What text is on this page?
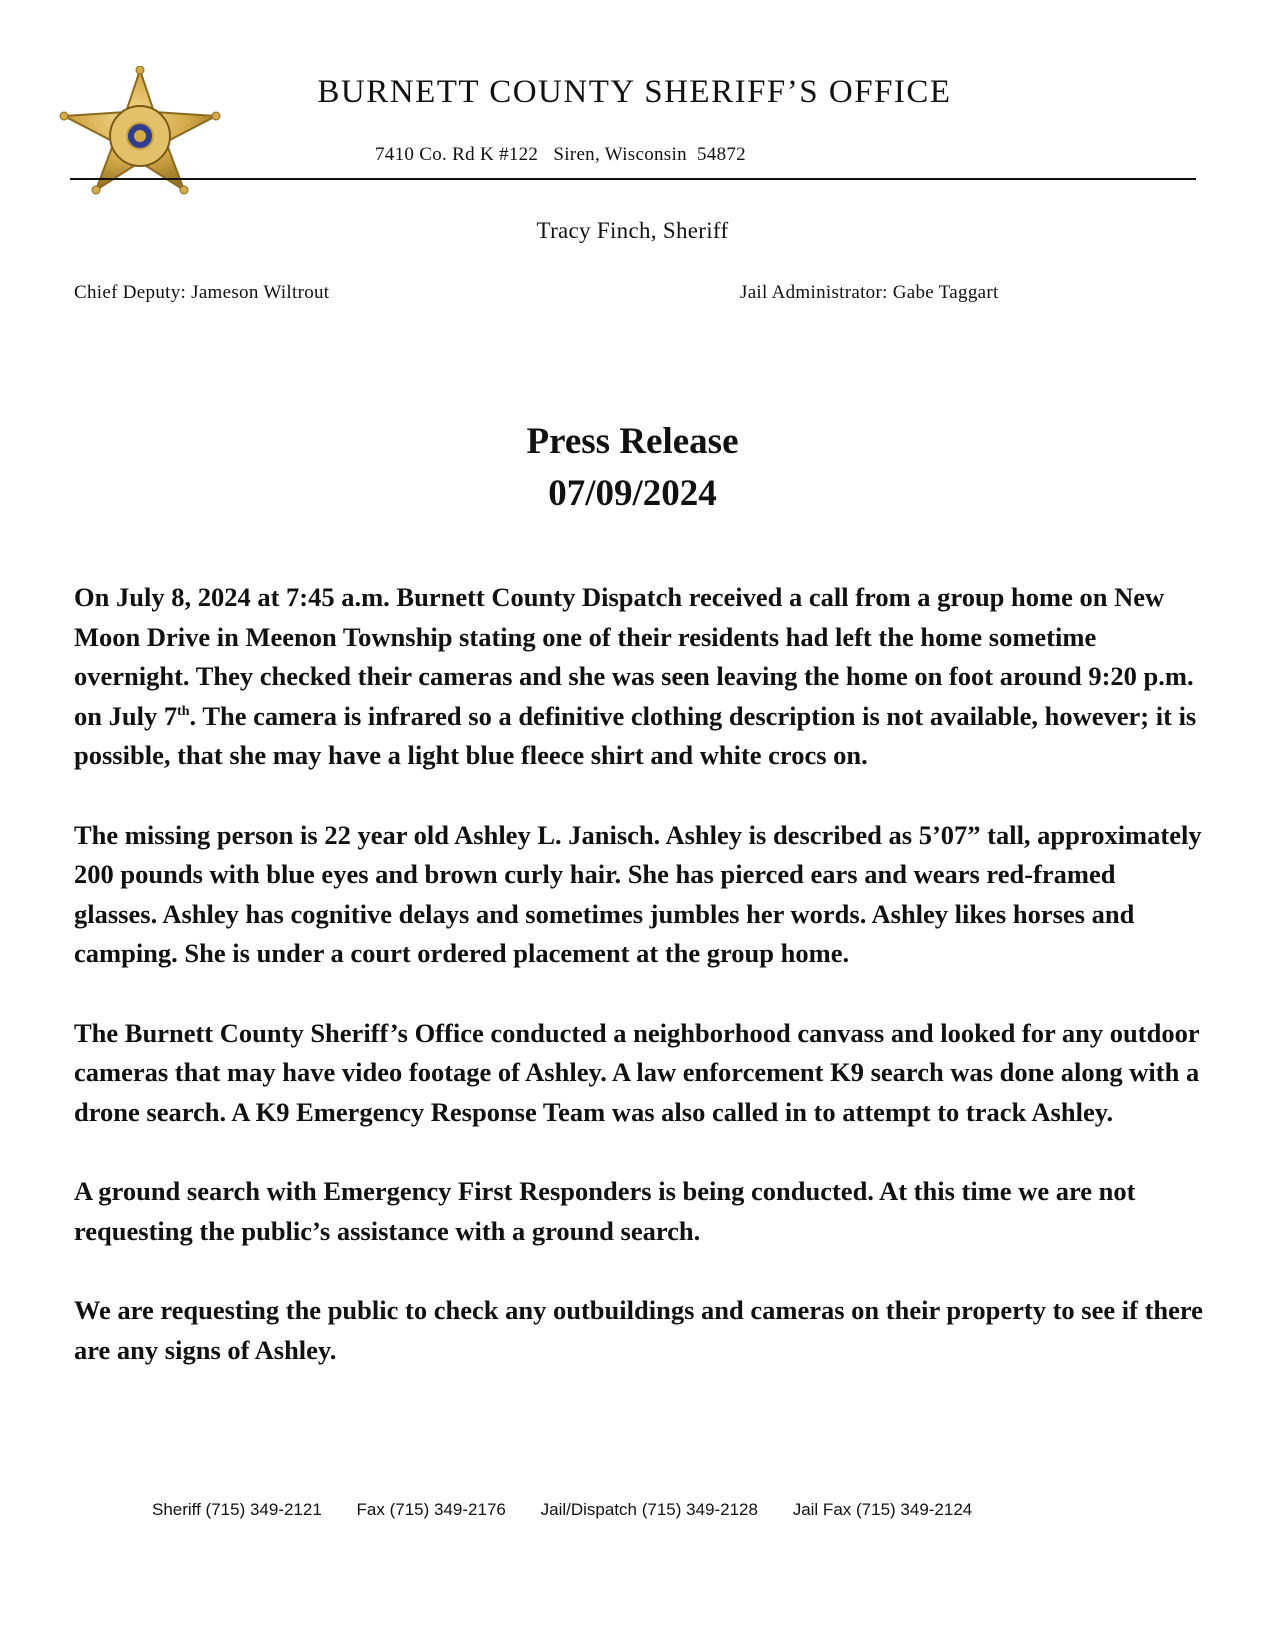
BURNETT COUNTY SHERIFF’S OFFICE
7410 Co. Rd K #122   Siren, Wisconsin  54872
Tracy Finch, Sheriff
Chief Deputy: Jameson Wiltrout	Jail Administrator: Gabe Taggart
Press Release
07/09/2024

On July 8, 2024 at 7:45 a.m. Burnett County Dispatch received a call from a group home on New Moon Drive in Meenon Township stating one of their residents had left the home sometime overnight. They checked their cameras and she was seen leaving the home on foot around 9:20 p.m. on July 7th. The camera is infrared so a definitive clothing description is not available, however; it is possible, that she may have a light blue fleece shirt and white crocs on.

The missing person is 22 year old Ashley L. Janisch. Ashley is described as 5’07” tall, approximately 200 pounds with blue eyes and brown curly hair. She has pierced ears and wears red-framed glasses. Ashley has cognitive delays and sometimes jumbles her words. Ashley likes horses and camping. She is under a court ordered placement at the group home.

The Burnett County Sheriff’s Office conducted a neighborhood canvass and looked for any outdoor cameras that may have video footage of Ashley. A law enforcement K9 search was done along with a drone search. A K9 Emergency Response Team was also called in to attempt to track Ashley.

A ground search with Emergency First Responders is being conducted. At this time we are not requesting the public’s assistance with a ground search.

We are requesting the public to check any outbuildings and cameras on their property to see if there are any signs of Ashley.

Sheriff (715) 349-2121 Fax (715) 349-2176 Jail/Dispatch (715) 349-2128 Jail Fax (715) 349-2124
